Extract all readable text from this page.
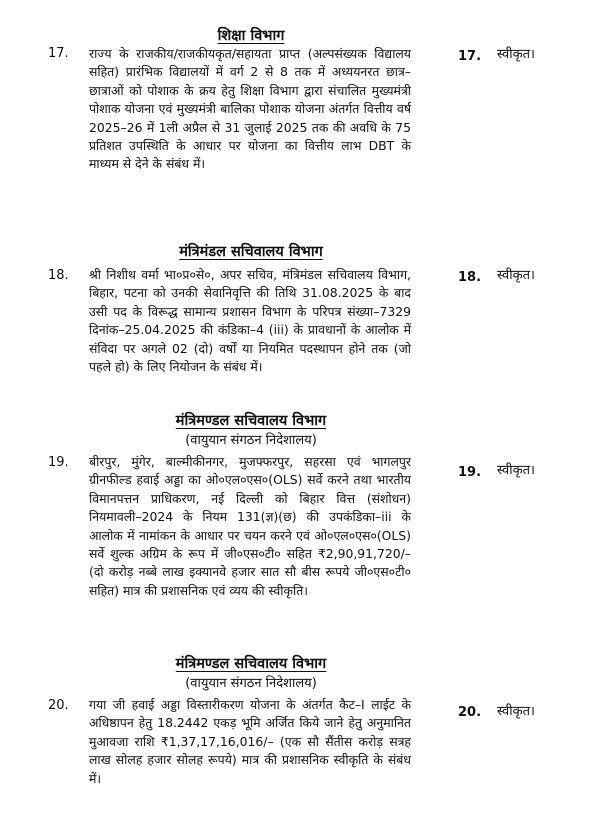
शिक्षा विभाग
17. राज्य के राजकीय/राजकीयकृत/सहायता प्राप्त (अल्पसंख्यक विद्यालय सहित) प्रारंभिक विद्यालयों में वर्ग 2 से 8 तक में अध्ययनरत छात्र–छात्राओं को पोशाक के क्रय हेतु शिक्षा विभाग द्वारा संचालित मुख्यमंत्री पोशाक योजना एवं मुख्यमंत्री बालिका पोशाक योजना अंतर्गत वित्तीय वर्ष 2025–26 में 1ली अप्रैल से 31 जुलाई 2025 तक की अवधि के 75 प्रतिशत उपस्थिति के आधार पर योजना का वित्तीय लाभ DBT के माध्यम से देने के संबंध में।
17. स्वीकृत।
मंत्रिमंडल सचिवालय विभाग
18. श्री निशीथ वर्मा भा०प्र०से०, अपर सचिव, मंत्रिमंडल सचिवालय विभाग, बिहार, पटना को उनकी सेवानिवृत्ति की तिथि 31.08.2025 के बाद उसी पद के विरूद्ध सामान्य प्रशासन विभाग के परिपत्र संख्या–7329 दिनांक–25.04.2025 की कंडिका–4 (iii) के प्रावधानों के आलोक में संविदा पर अगले 02 (दो) वर्षों या नियमित पदस्थापन होने तक (जो पहले हो) के लिए नियोजन के संबंध में।
18. स्वीकृत।
मंत्रिमण्डल सचिवालय विभाग
(वायुयान संगठन निदेशालय)
19. बीरपुर, मुंगेर, बाल्मीकीनगर, मुजफ्फरपुर, सहरसा एवं भागलपुर ग्रीनफील्ड हवाई अड्डा का ओ०एल०एस०(OLS) सर्वे करने तथा भारतीय विमानपत्तन प्राधिकरण, नई दिल्ली को बिहार वित्त (संशोधन) नियमावली–2024 के नियम 131(ज्ञ)(छ) की उपकंडिका–iii के आलोक में नामांकन के आधार पर चयन करने एवं ओ०एल०एस०(OLS) सर्वे शुल्क अग्रिम के रूप में जी०एस०टी० सहित ₹2,90,91,720/– (दो करोड़ नब्बे लाख इक्यानवे हजार सात सौ बीस रूपये जी०एस०टी० सहित) मात्र की प्रशासनिक एवं व्यय की स्वीकृति।
19. स्वीकृत।
मंत्रिमण्डल सचिवालय विभाग
(वायुयान संगठन निदेशालय)
20. गया जी हवाई अड्डा विस्तारीकरण योजना के अंतर्गत कैट–I लाईट के अधिष्ठापन हेतु 18.2442 एकड़ भूमि अर्जित किये जाने हेतु अनुमानित मुआवजा राशि ₹1,37,17,16,016/– (एक सौ सैंतीस करोड़ सत्रह लाख सोलह हजार सोलह रूपये) मात्र की प्रशासनिक स्वीकृति के संबंध में।
20. स्वीकृत।
